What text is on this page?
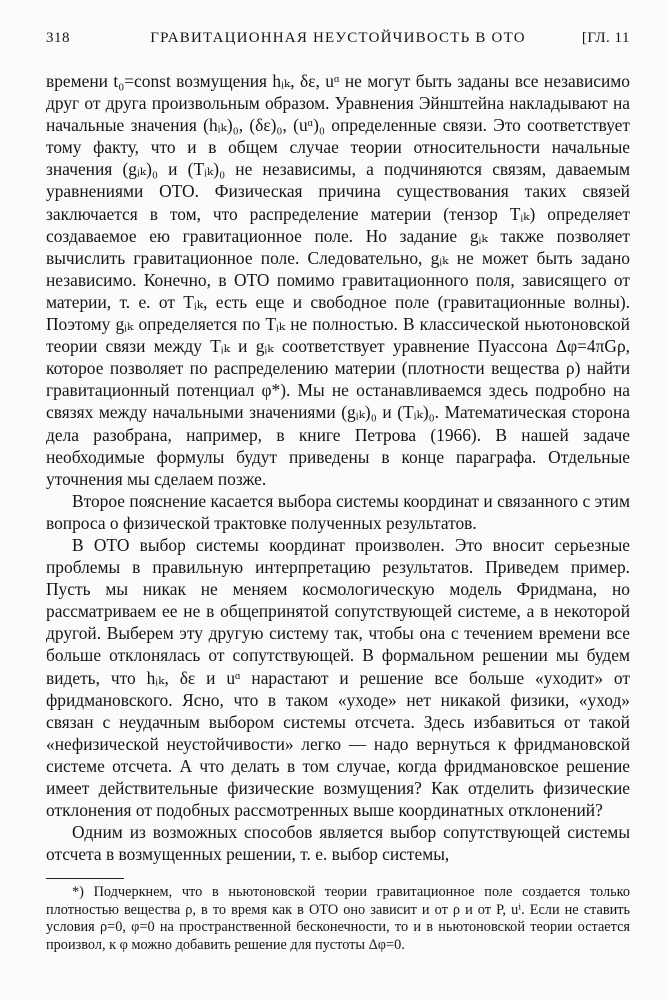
318	ГРАВИТАЦИОННАЯ НЕУСТОЙЧИВОСТЬ В ОТО	[ГЛ. 11

времени t₀=const возмущения hᵢₖ, δε, uᵅ не могут быть заданы все независимо друг от друга произвольным образом. Уравнения Эйнштейна накладывают на начальные значения (hᵢₖ)₀, (δε)₀, (uᵅ)₀ определенные связи. Это соответствует тому факту, что и в общем случае теории относительности начальные значения (gᵢₖ)₀ и (Tᵢₖ)₀ не независимы, а подчиняются связям, даваемым уравнениями ОТО. Физическая причина существования таких связей заключается в том, что распределение материи (тензор Tᵢₖ) определяет создаваемое ею гравитационное поле. Но задание gᵢₖ также позволяет вычислить гравитационное поле. Следовательно, gᵢₖ не может быть задано независимо. Конечно, в ОТО помимо гравитационного поля, зависящего от материи, т. е. от Tᵢₖ, есть еще и свободное поле (гравитационные волны). Поэтому gᵢₖ определяется по Tᵢₖ не полностью. В классической ньютоновской теории связи между Tᵢₖ и gᵢₖ соответствует уравнение Пуассона Δφ=4πGρ, которое позволяет по распределению материи (плотности вещества ρ) найти гравитационный потенциал φ*). Мы не останавливаемся здесь подробно на связях между начальными значениями (gᵢₖ)₀ и (Tᵢₖ)₀. Математическая сторона дела разобрана, например, в книге Петрова (1966). В нашей задаче необходимые формулы будут приведены в конце параграфа. Отдельные уточнения мы сделаем позже.

Второе пояснение касается выбора системы координат и связанного с этим вопроса о физической трактовке полученных результатов.

В ОТО выбор системы координат произволен. Это вносит серьезные проблемы в правильную интерпретацию результатов. Приведем пример. Пусть мы никак не меняем космологическую модель Фридмана, но рассматриваем ее не в общепринятой сопутствующей системе, а в некоторой другой. Выберем эту другую систему так, чтобы она с течением времени все больше отклонялась от сопутствующей. В формальном решении мы будем видеть, что hᵢₖ, δε и uᵅ нарастают и решение все больше «уходит» от фридмановского. Ясно, что в таком «уходе» нет никакой физики, «уход» связан с неудачным выбором системы отсчета. Здесь избавиться от такой «нефизической неустойчивости» легко — надо вернуться к фридмановской системе отсчета. А что делать в том случае, когда фридмановское решение имеет действительные физические возмущения? Как отделить физические отклонения от подобных рассмотренных выше координатных отклонений?

Одним из возможных способов является выбор сопутствующей системы отсчета в возмущенных решении, т. е. выбор системы,

*) Подчеркнем, что в ньютоновской теории гравитационное поле создается только плотностью вещества ρ, в то время как в ОТО оно зависит и от ρ и от P, uⁱ. Если не ставить условия ρ=0, φ=0 на пространственной бесконечности, то и в ньютоновской теории остается произвол, к φ можно добавить решение для пустоты Δφ=0.
